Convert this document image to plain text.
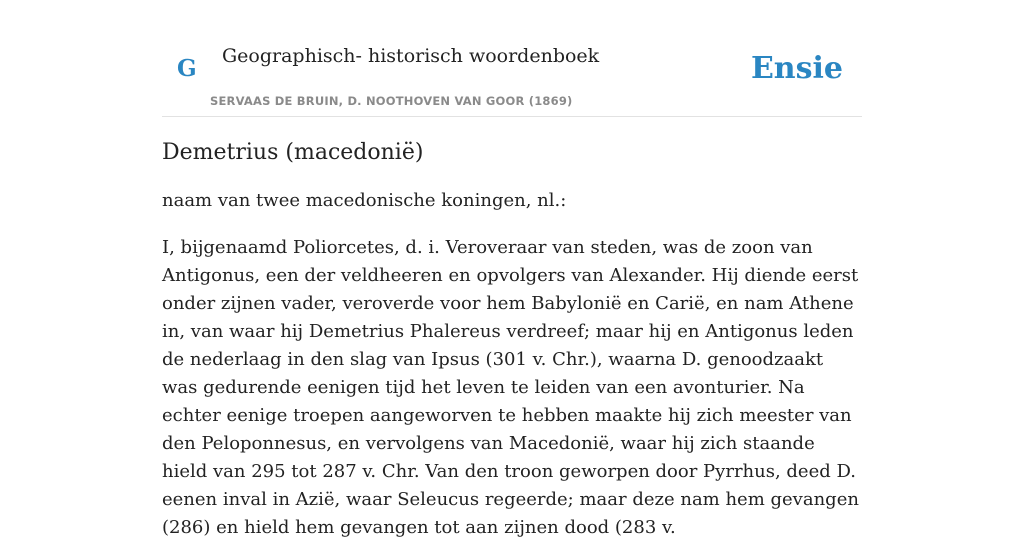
G Geographisch- historisch woordenboek
SERVAAS DE BRUIN, D. NOOTHOVEN VAN GOOR (1869)
Ensie
Demetrius (macedonië)

naam van twee macedonische koningen, nl.:

I, bijgenaamd Poliorcetes, d. i. Veroveraar van steden, was de zoon van Antigonus, een der veldheeren en opvolgers van Alexander. Hij diende eerst onder zijnen vader, veroverde voor hem Babylonië en Carië, en nam Athene in, van waar hij Demetrius Phalereus verdreef; maar hij en Antigonus leden de nederlaag in den slag van Ipsus (301 v. Chr.), waarna D. genoodzaakt was gedurende eenigen tijd het leven te leiden van een avonturier. Na echter eenige troepen aangeworven te hebben maakte hij zich meester van den Peloponnesus, en vervolgens van Macedonië, waar hij zich staande hield van 295 tot 287 v. Chr. Van den troon geworpen door Pyrrhus, deed D. eenen inval in Azië, waar Seleucus regeerde; maar deze nam hem gevangen (286) en hield hem gevangen tot aan zijnen dood (283 v.
